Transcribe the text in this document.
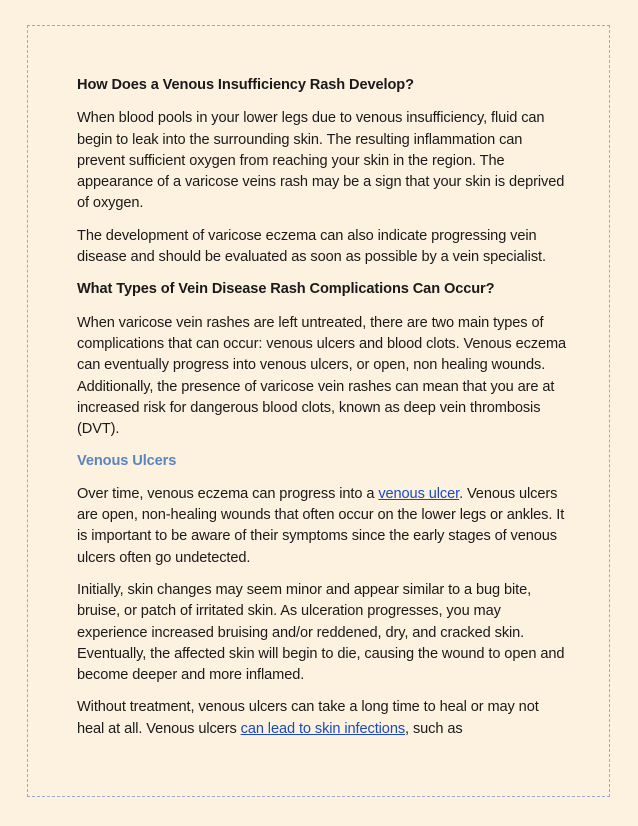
How Does a Venous Insufficiency Rash Develop?

When blood pools in your lower legs due to venous insufficiency, fluid can begin to leak into the surrounding skin. The resulting inflammation can prevent sufficient oxygen from reaching your skin in the region. The appearance of a varicose veins rash may be a sign that your skin is deprived of oxygen.

The development of varicose eczema can also indicate progressing vein disease and should be evaluated as soon as possible by a vein specialist.

What Types of Vein Disease Rash Complications Can Occur?

When varicose vein rashes are left untreated, there are two main types of complications that can occur: venous ulcers and blood clots. Venous eczema can eventually progress into venous ulcers, or open, non healing wounds. Additionally, the presence of varicose vein rashes can mean that you are at increased risk for dangerous blood clots, known as deep vein thrombosis (DVT).

Venous Ulcers

Over time, venous eczema can progress into a venous ulcer. Venous ulcers are open, non-healing wounds that often occur on the lower legs or ankles. It is important to be aware of their symptoms since the early stages of venous ulcers often go undetected.

Initially, skin changes may seem minor and appear similar to a bug bite, bruise, or patch of irritated skin. As ulceration progresses, you may experience increased bruising and/or reddened, dry, and cracked skin. Eventually, the affected skin will begin to die, causing the wound to open and become deeper and more inflamed.

Without treatment, venous ulcers can take a long time to heal or may not heal at all. Venous ulcers can lead to skin infections, such as
